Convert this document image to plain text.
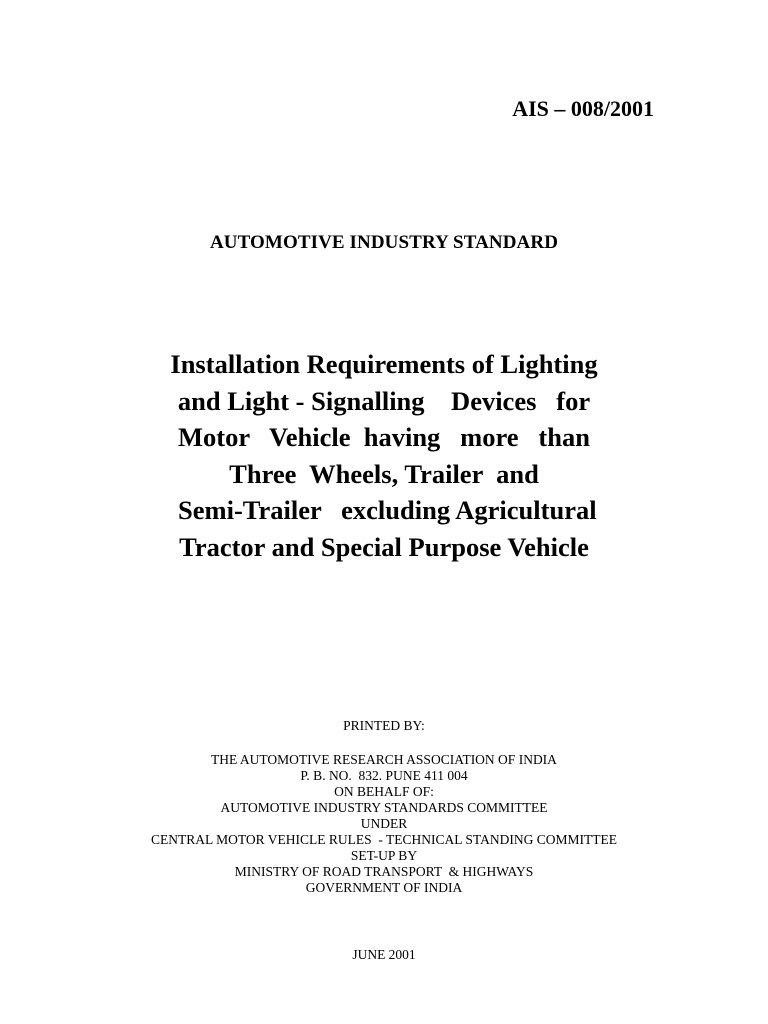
AIS – 008/2001
AUTOMOTIVE INDUSTRY STANDARD
Installation Requirements of Lighting
and Light - Signalling    Devices   for
Motor   Vehicle  having   more   than
Three  Wheels, Trailer  and
Semi-Trailer   excluding Agricultural
Tractor and Special Purpose Vehicle
PRINTED BY:
THE AUTOMOTIVE RESEARCH ASSOCIATION OF INDIA
P. B. NO.  832. PUNE 411 004
ON BEHALF OF:
AUTOMOTIVE INDUSTRY STANDARDS COMMITTEE
UNDER
CENTRAL MOTOR VEHICLE RULES  - TECHNICAL STANDING COMMITTEE
SET-UP BY
MINISTRY OF ROAD TRANSPORT  & HIGHWAYS
GOVERNMENT OF INDIA
JUNE 2001
